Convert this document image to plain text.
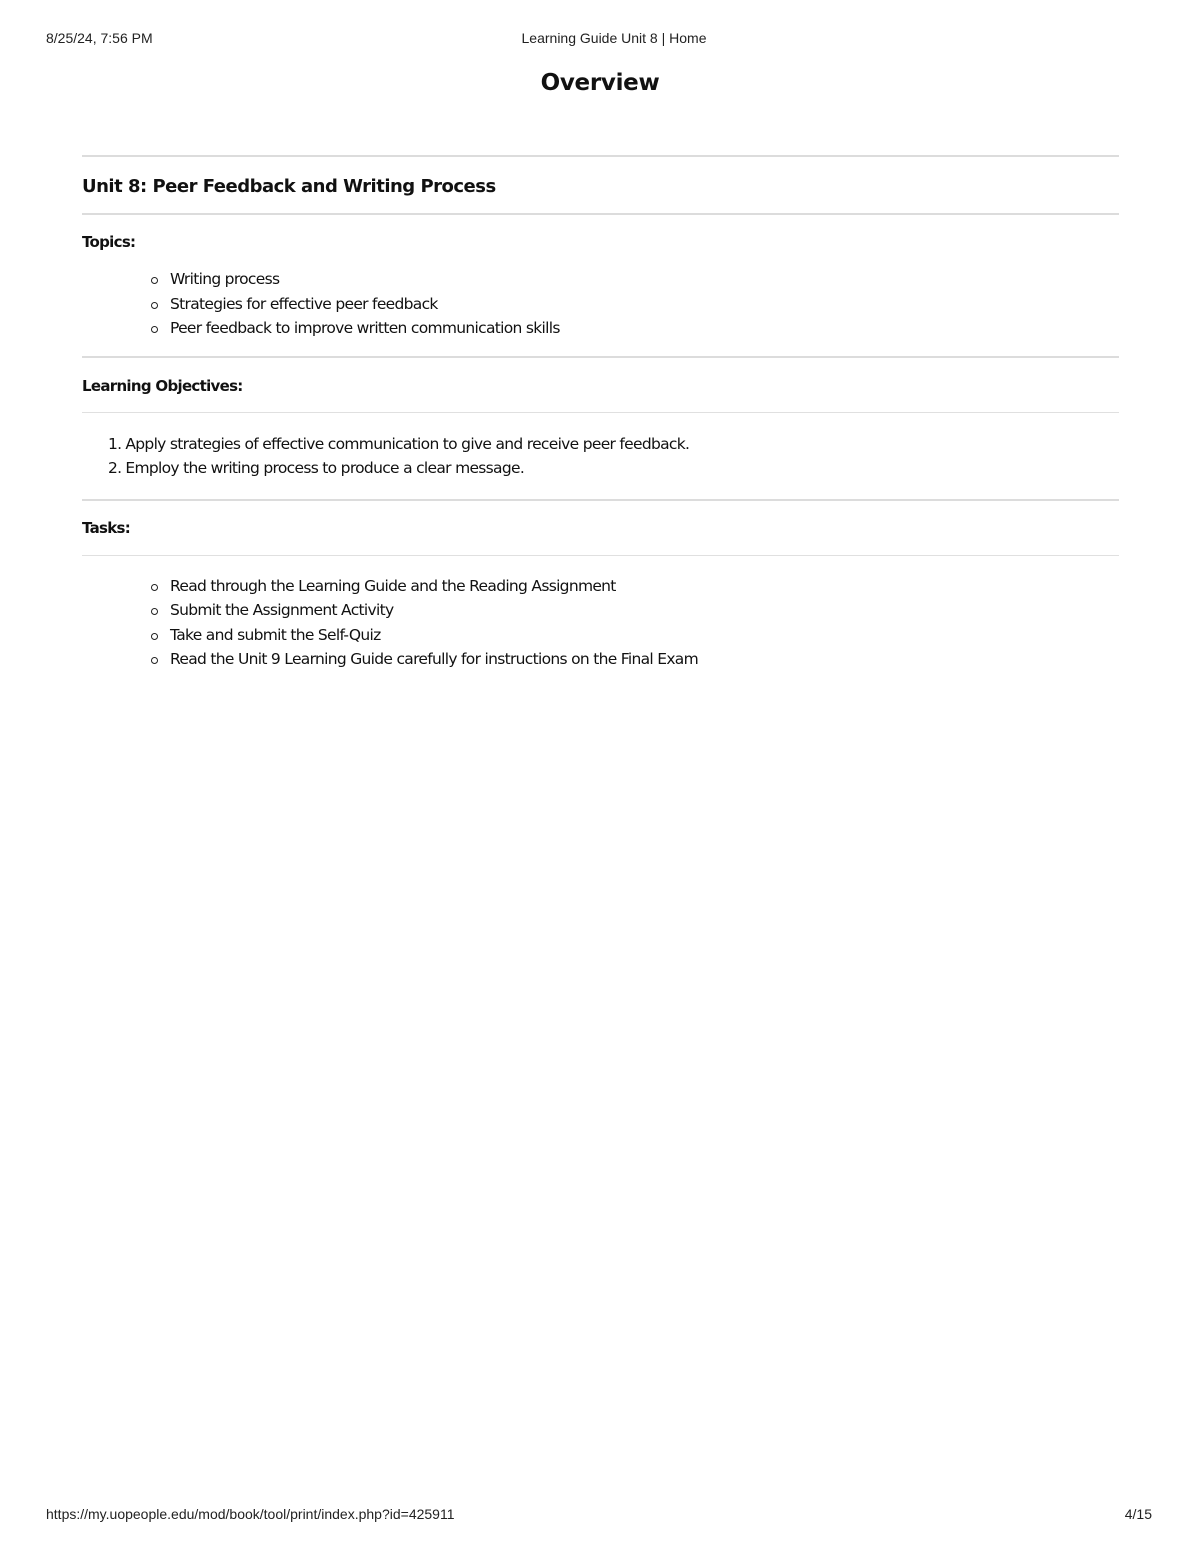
8/25/24, 7:56 PM	Learning Guide Unit 8 | Home
Overview
Unit 8: Peer Feedback and Writing Process
Topics:
Writing process
Strategies for effective peer feedback
Peer feedback to improve written communication skills
Learning Objectives:
1. Apply strategies of effective communication to give and receive peer feedback.
2. Employ the writing process to produce a clear message.
Tasks:
Read through the Learning Guide and the Reading Assignment
Submit the Assignment Activity
Take and submit the Self-Quiz
Read the Unit 9 Learning Guide carefully for instructions on the Final Exam
https://my.uopeople.edu/mod/book/tool/print/index.php?id=425911	4/15
